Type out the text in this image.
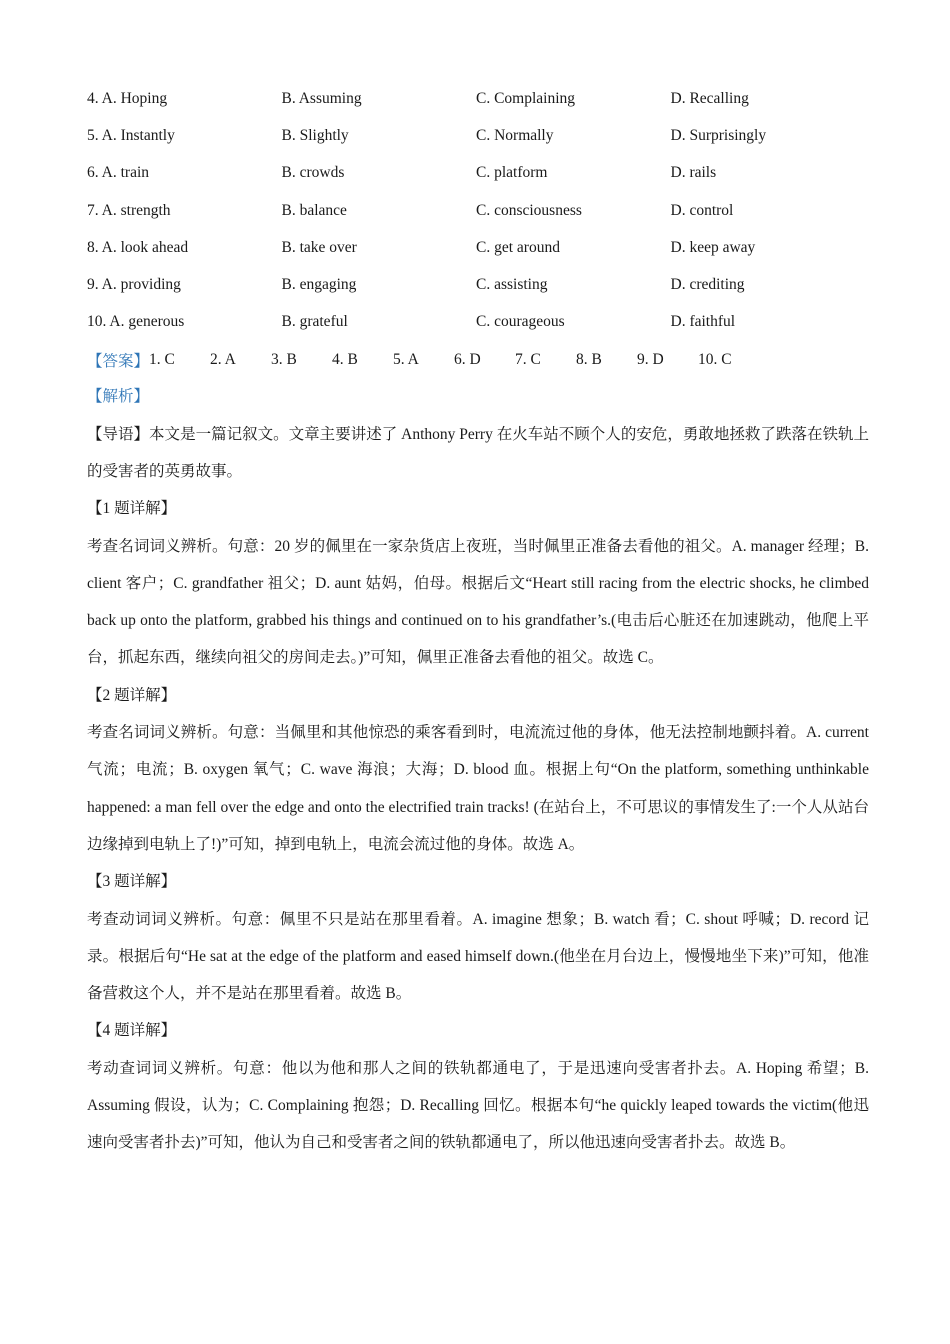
4. A. Hoping	B. Assuming	C. Complaining	D. Recalling
5. A. Instantly	B. Slightly	C. Normally	D. Surprisingly
6. A. train	B. crowds	C. platform	D. rails
7. A. strength	B. balance	C. consciousness	D. control
8. A. look ahead	B. take over	C. get around	D. keep away
9. A. providing	B. engaging	C. assisting	D. crediting
10. A. generous	B. grateful	C. courageous	D. faithful
【答案】 1. C	2. A	3. B	4. B	5. A	6. D	7. C	8. B	9. D	10. C
【解析】
【导语】本文是一篇记叙文。文章主要讲述了 Anthony Perry 在火车站不顾个人的安危，勇敢地拯救了跌落在铁轨上的受害者的英勇故事。
【1 题详解】
考查名词词义辨析。句意：20 岁的佩里在一家杂货店上夜班，当时佩里正准备去看他的祖父。A. manager 经理；B. client 客户；C. grandfather 祖父；D. aunt 姑妈，伯母。根据后文“Heart still racing from the electric shocks, he climbed back up onto the platform, grabbed his things and continued on to his grandfather’s.(电击后心脏还在加速跳动，他爬上平台，抓起东西，继续向祖父的房间走去。)”可知，佩里正准备去看他的祖父。故选 C。
【2 题详解】
考查名词词义辨析。句意：当佩里和其他惊恐的乘客看到时，电流流过他的身体，他无法控制地颤抖着。A. current 气流；电流；B. oxygen 氧气；C. wave 海浪；大海；D. blood 血。根据上句“On the platform, something unthinkable happened: a man fell over the edge and onto the electrified train tracks! (在站台上，不可思议的事情发生了:一个人从站台边缘掉到电轨上了!)”可知，掉到电轨上，电流会流过他的身体。故选 A。
【3 题详解】
考查动词词义辨析。句意：佩里不只是站在那里看着。A. imagine 想象；B. watch 看；C. shout 呼喊；D. record 记录。根据后句“He sat at the edge of the platform and eased himself down.(他坐在月台边上，慢慢地坐下来)”可知，他准备营救这个人，并不是站在那里看着。故选 B。
【4 题详解】
考动查词词义辨析。句意：他以为他和那人之间的铁轨都通电了，于是迅速向受害者扑去。A. Hoping 希望；B. Assuming 假设，认为；C. Complaining 抱怨；D. Recalling 回忆。根据本句“he quickly leaped towards the victim(他迅速向受害者扑去)”可知，他认为自己和受害者之间的铁轨都通电了，所以他迅速向受害者扑去。故选 B。
